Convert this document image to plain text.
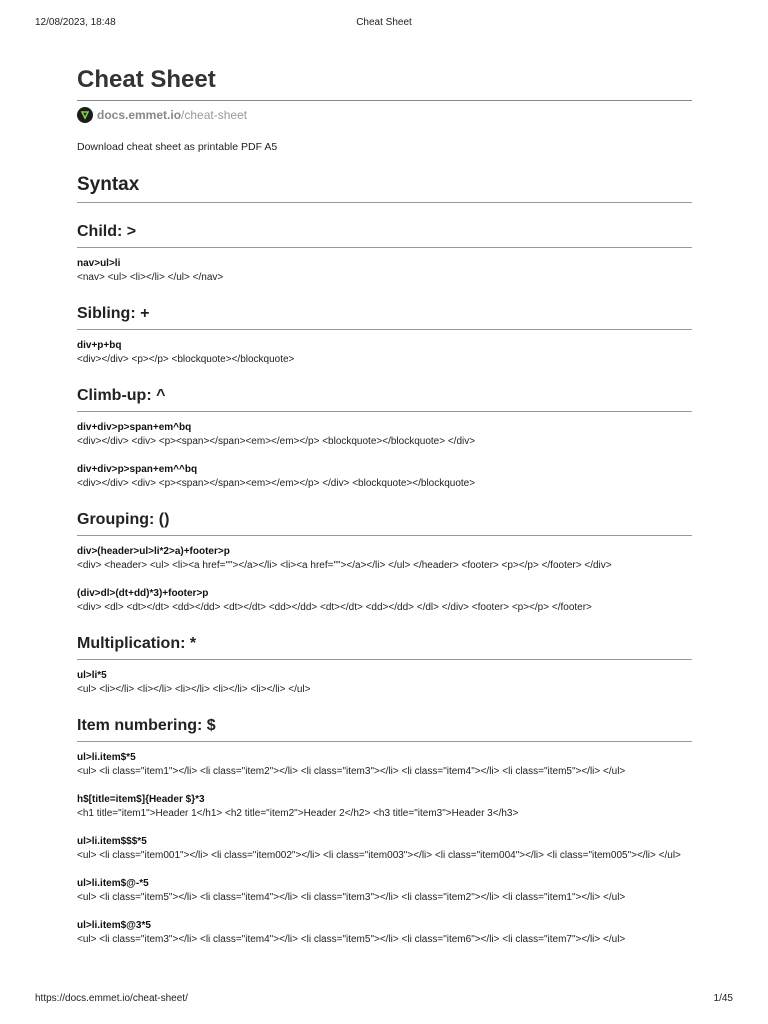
12/08/2023, 18:48	Cheat Sheet
Cheat Sheet
docs.emmet.io /cheat-sheet
Download cheat sheet as printable PDF A5
Syntax
Child: >
nav>ul>li
<nav> <ul> <li></li> </ul> </nav>
Sibling: +
div+p+bq
<div></div> <p></p> <blockquote></blockquote>
Climb-up: ^
div+div>p>span+em^bq
<div></div> <div> <p><span></span><em></em></p> <blockquote></blockquote> </div>
div+div>p>span+em^^bq
<div></div> <div> <p><span></span><em></em></p> </div> <blockquote></blockquote>
Grouping: ()
div>(header>ul>li*2>a)+footer>p
<div> <header> <ul> <li><a href=""></a></li> <li><a href=""></a></li> </ul> </header> <footer> <p></p> </footer> </div>
(div>dl>(dt+dd)*3)+footer>p
<div> <dl> <dt></dt> <dd></dd> <dt></dt> <dd></dd> <dt></dt> <dd></dd> </dl> </div> <footer> <p></p> </footer>
Multiplication: *
ul>li*5
<ul> <li></li> <li></li> <li></li> <li></li> <li></li> </ul>
Item numbering: $
ul>li.item$*5
<ul> <li class="item1"></li> <li class="item2"></li> <li class="item3"></li> <li class="item4"></li> <li class="item5"></li> </ul>
h$[title=item$]{Header $}*3
<h1 title="item1">Header 1</h1> <h2 title="item2">Header 2</h2> <h3 title="item3">Header 3</h3>
ul>li.item$$$*5
<ul> <li class="item001"></li> <li class="item002"></li> <li class="item003"></li> <li class="item004"></li> <li class="item005"></li> </ul>
ul>li.item$@-*5
<ul> <li class="item5"></li> <li class="item4"></li> <li class="item3"></li> <li class="item2"></li> <li class="item1"></li> </ul>
ul>li.item$@3*5
<ul> <li class="item3"></li> <li class="item4"></li> <li class="item5"></li> <li class="item6"></li> <li class="item7"></li> </ul>
https://docs.emmet.io/cheat-sheet/	1/45
